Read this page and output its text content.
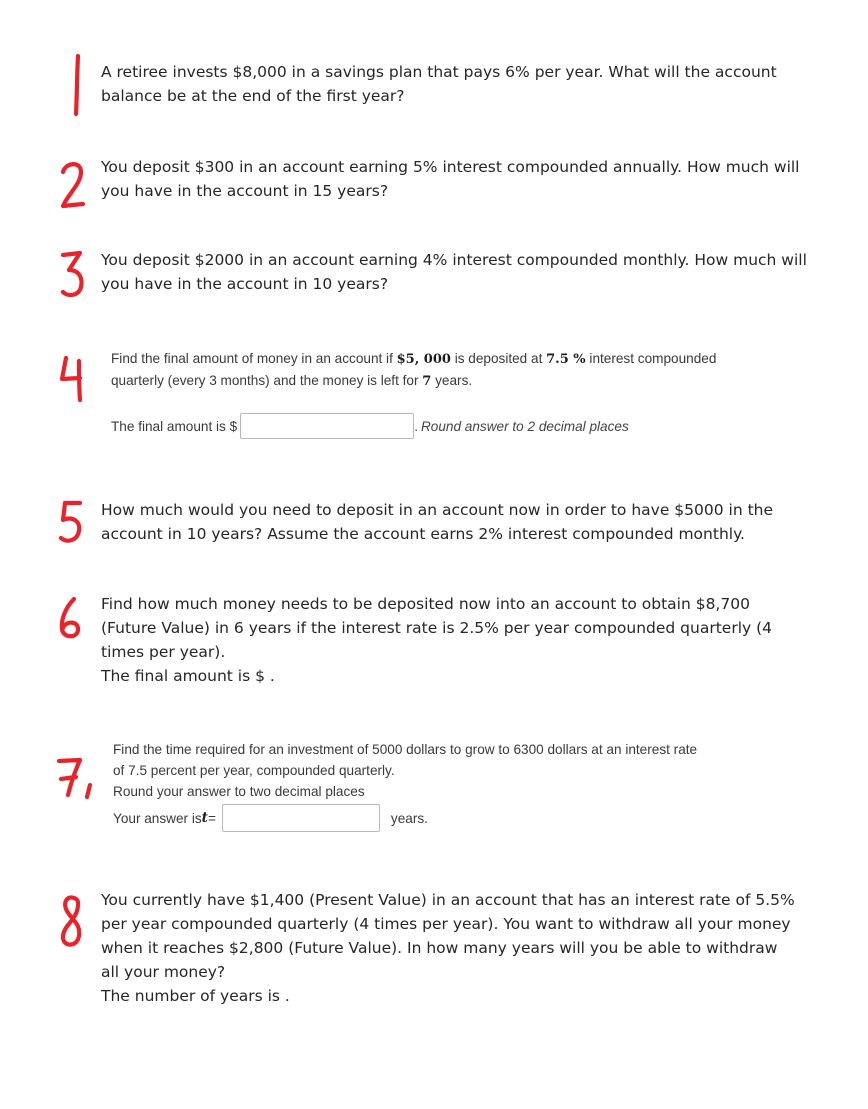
A retiree invests $8,000 in a savings plan that pays 6% per year. What will the account

balance be at the end of the first year?

You deposit $300 in an account earning 5% interest compounded annually. How much will

you have in the account in 15 years?

You deposit $2000 in an account earning 4% interest compounded monthly. How much will

you have in the account in 10 years?

Find the final amount of money in an account if $5, 000 is deposited at 7.5 % interest compounded

quarterly (every 3 months) and the money is left for 7 years.

The final amount is $	. Round answer to 2 decimal places

How much would you need to deposit in an account now in order to have $5000 in the

account in 10 years? Assume the account earns 2% interest compounded monthly.

Find how much money needs to be deposited now into an account to obtain $8,700

(Future Value) in 6 years if the interest rate is 2.5% per year compounded quarterly (4

times per year).

The final amount is $ .

Find the time required for an investment of 5000 dollars to grow to 6300 dollars at an interest rate

of 7.5 percent per year, compounded quarterly.

Round your answer to two decimal places

Your answer is t =	years.

You currently have $1,400 (Present Value) in an account that has an interest rate of 5.5%

per year compounded quarterly (4 times per year). You want to withdraw all your money

when it reaches $2,800 (Future Value). In how many years will you be able to withdraw

all your money?

The number of years is .
